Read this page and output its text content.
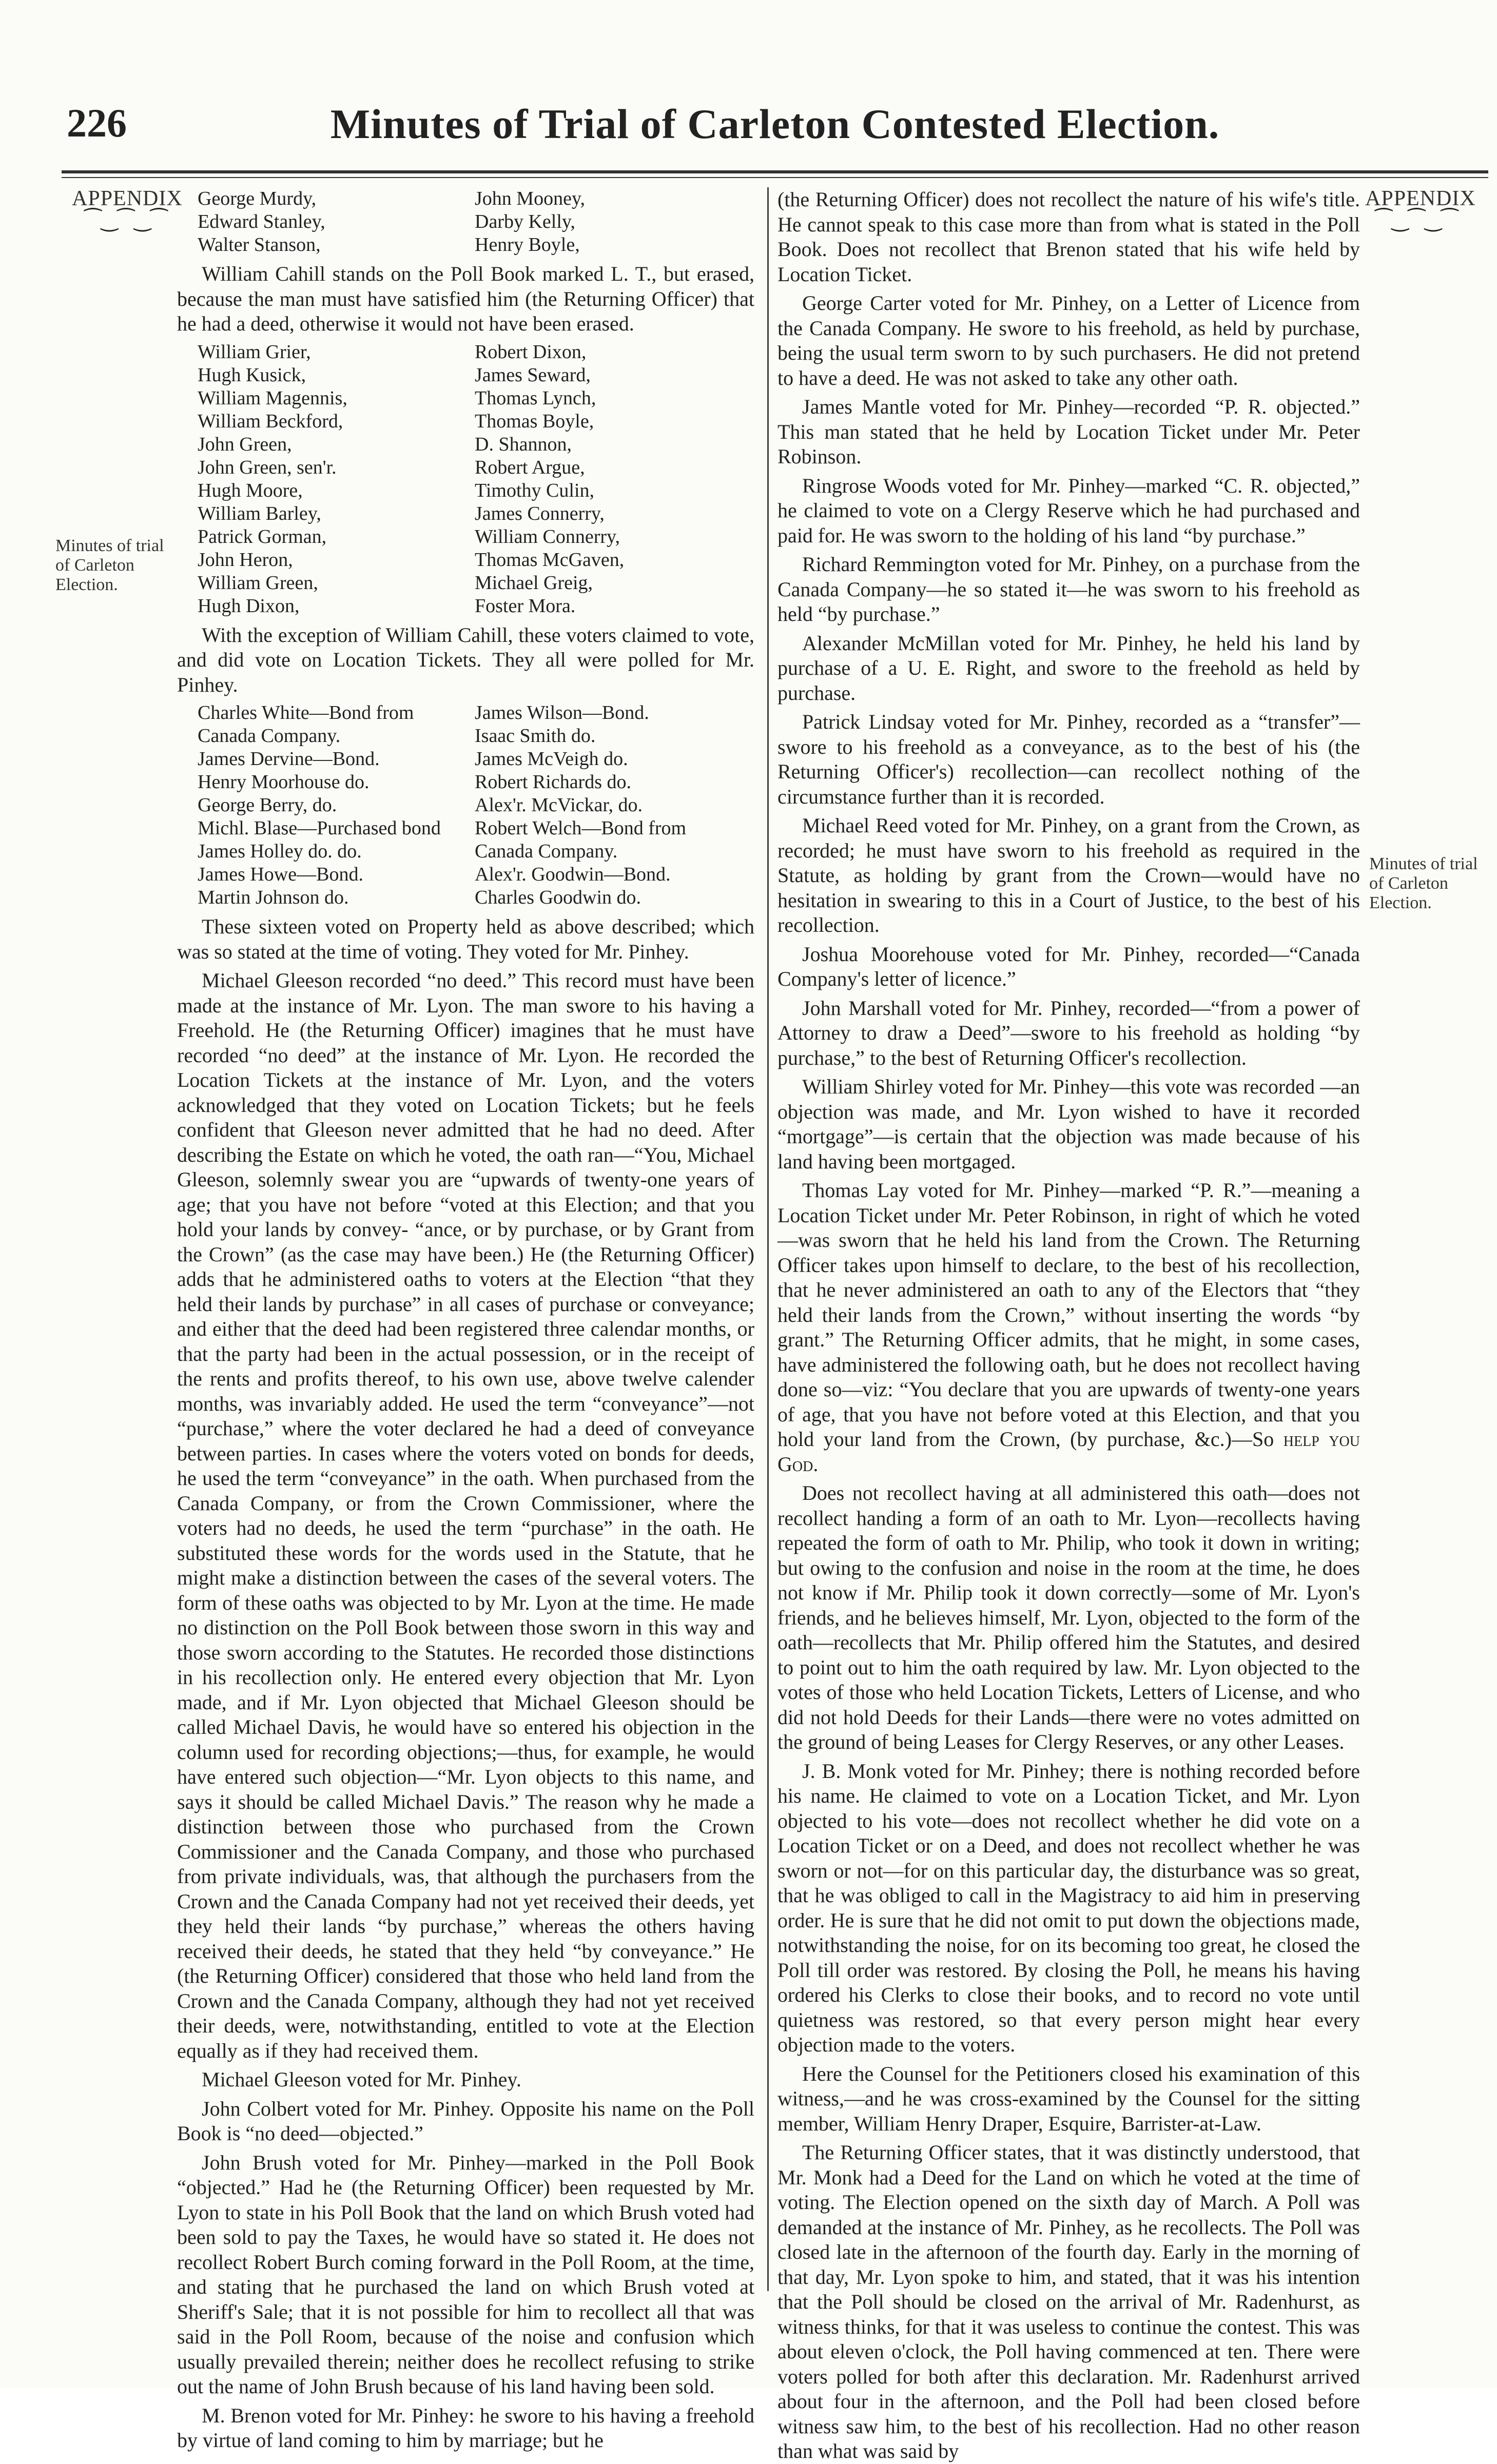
226	Minutes of Trial of Carleton Contested Election.
APPENDIX
⁀‿⁀‿⁀
Minutes of trial of Carleton Election.
APPENDIX
⁀‿⁀‿⁀
Minutes of trial of Carleton Election.
George Murdy,	John Mooney,
Edward Stanley,	Darby Kelly,
Walter Stanson,	Henry Boyle,

William Cahill stands on the Poll Book marked L. T., but erased, because the man must have satisfied him (the Returning Officer) that he had a deed, otherwise it would not have been erased.

William Grier,	Robert Dixon,
Hugh Kusick,	James Seward,
William Magennis,	Thomas Lynch,
William Beckford,	Thomas Boyle,
John Green,	D. Shannon,
John Green, sen'r.	Robert Argue,
Hugh Moore,	Timothy Culin,
William Barley,	James Connerry,
Patrick Gorman,	William Connerry,
John Heron,	Thomas McGaven,
William Green,	Michael Greig,
Hugh Dixon,	Foster Mora.

With the exception of William Cahill, these voters claimed to vote, and did vote on Location Tickets. They all were polled for Mr. Pinhey.

Charles White—Bond from	James Wilson—Bond.
Canada Company.	Isaac Smith do.
James Dervine—Bond.	James McVeigh do.
Henry Moorhouse do.	Robert Richards do.
George Berry, do.	Alex'r. McVickar, do.
Michl. Blase—Purchased bond	Robert Welch—Bond from
James Holley do. do.	Canada Company.
James Howe—Bond.	Alex'r. Goodwin—Bond.
Martin Johnson do.	Charles Goodwin do.

These sixteen voted on Property held as above described; which was so stated at the time of voting. They voted for Mr. Pinhey.

Michael Gleeson recorded “no deed.” This record must have been made at the instance of Mr. Lyon. The man swore to his having a Freehold. He (the Returning Officer) imagines that he must have recorded “no deed” at the instance of Mr. Lyon. He recorded the Location Tickets at the instance of Mr. Lyon, and the voters acknowledged that they voted on Location Tickets; but he feels confident that Gleeson never admitted that he had no deed. After describing the Estate on which he voted, the oath ran—“You, Michael Gleeson, solemnly swear you are “upwards of twenty-one years of age; that you have not before “voted at this Election; and that you hold your lands by convey- “ance, or by purchase, or by Grant from the Crown” (as the case may have been.) He (the Returning Officer) adds that he administered oaths to voters at the Election “that they held their lands by purchase” in all cases of purchase or conveyance; and either that the deed had been registered three calendar months, or that the party had been in the actual possession, or in the receipt of the rents and profits thereof, to his own use, above twelve calender months, was invariably added. He used the term “conveyance”—not “purchase,” where the voter declared he had a deed of conveyance between parties. In cases where the voters voted on bonds for deeds, he used the term “conveyance” in the oath. When purchased from the Canada Company, or from the Crown Commissioner, where the voters had no deeds, he used the term “purchase” in the oath. He substituted these words for the words used in the Statute, that he might make a distinction between the cases of the several voters. The form of these oaths was objected to by Mr. Lyon at the time. He made no distinction on the Poll Book between those sworn in this way and those sworn according to the Statutes. He recorded those distinctions in his recollection only. He entered every objection that Mr. Lyon made, and if Mr. Lyon objected that Michael Gleeson should be called Michael Davis, he would have so entered his objection in the column used for recording objections;—thus, for example, he would have entered such objection—“Mr. Lyon objects to this name, and says it should be called Michael Davis.” The reason why he made a distinction between those who purchased from the Crown Commissioner and the Canada Company, and those who purchased from private individuals, was, that although the purchasers from the Crown and the Canada Company had not yet received their deeds, yet they held their lands “by purchase,” whereas the others having received their deeds, he stated that they held “by conveyance.” He (the Returning Officer) considered that those who held land from the Crown and the Canada Company, although they had not yet received their deeds, were, notwithstanding, entitled to vote at the Election equally as if they had received them.

Michael Gleeson voted for Mr. Pinhey.

John Colbert voted for Mr. Pinhey. Opposite his name on the Poll Book is “no deed—objected.”

John Brush voted for Mr. Pinhey—marked in the Poll Book “objected.” Had he (the Returning Officer) been requested by Mr. Lyon to state in his Poll Book that the land on which Brush voted had been sold to pay the Taxes, he would have so stated it. He does not recollect Robert Burch coming forward in the Poll Room, at the time, and stating that he purchased the land on which Brush voted at Sheriff's Sale; that it is not possible for him to recollect all that was said in the Poll Room, because of the noise and confusion which usually prevailed therein; neither does he recollect refusing to strike out the name of John Brush because of his land having been sold.

M. Brenon voted for Mr. Pinhey: he swore to his having a freehold by virtue of land coming to him by marriage; but he

(the Returning Officer) does not recollect the nature of his wife's title. He cannot speak to this case more than from what is stated in the Poll Book. Does not recollect that Brenon stated that his wife held by Location Ticket.

George Carter voted for Mr. Pinhey, on a Letter of Licence from the Canada Company. He swore to his freehold, as held by purchase, being the usual term sworn to by such purchasers. He did not pretend to have a deed. He was not asked to take any other oath.

James Mantle voted for Mr. Pinhey—recorded “P. R. objected.” This man stated that he held by Location Ticket under Mr. Peter Robinson.

Ringrose Woods voted for Mr. Pinhey—marked “C. R. objected,” he claimed to vote on a Clergy Reserve which he had purchased and paid for. He was sworn to the holding of his land “by purchase.”

Richard Remmington voted for Mr. Pinhey, on a purchase from the Canada Company—he so stated it—he was sworn to his freehold as held “by purchase.”

Alexander McMillan voted for Mr. Pinhey, he held his land by purchase of a U. E. Right, and swore to the freehold as held by purchase.

Patrick Lindsay voted for Mr. Pinhey, recorded as a “transfer”—swore to his freehold as a conveyance, as to the best of his (the Returning Officer's) recollection—can recollect nothing of the circumstance further than it is recorded.

Michael Reed voted for Mr. Pinhey, on a grant from the Crown, as recorded; he must have sworn to his freehold as required in the Statute, as holding by grant from the Crown—would have no hesitation in swearing to this in a Court of Justice, to the best of his recollection.

Joshua Moorehouse voted for Mr. Pinhey, recorded—“Canada Company's letter of licence.”

John Marshall voted for Mr. Pinhey, recorded—“from a power of Attorney to draw a Deed”—swore to his freehold as holding “by purchase,” to the best of Returning Officer's recollection.

William Shirley voted for Mr. Pinhey—this vote was recorded —an objection was made, and Mr. Lyon wished to have it recorded “mortgage”—is certain that the objection was made because of his land having been mortgaged.

Thomas Lay voted for Mr. Pinhey—marked “P. R.”—meaning a Location Ticket under Mr. Peter Robinson, in right of which he voted—was sworn that he held his land from the Crown. The Returning Officer takes upon himself to declare, to the best of his recollection, that he never administered an oath to any of the Electors that “they held their lands from the Crown,” without inserting the words “by grant.” The Returning Officer admits, that he might, in some cases, have administered the following oath, but he does not recollect having done so—viz: “You declare that you are upwards of twenty-one years of age, that you have not before voted at this Election, and that you hold your land from the Crown, (by purchase, &c.)—So help you God.

Does not recollect having at all administered this oath—does not recollect handing a form of an oath to Mr. Lyon—recollects having repeated the form of oath to Mr. Philip, who took it down in writing; but owing to the confusion and noise in the room at the time, he does not know if Mr. Philip took it down correctly—some of Mr. Lyon's friends, and he believes himself, Mr. Lyon, objected to the form of the oath—recollects that Mr. Philip offered him the Statutes, and desired to point out to him the oath required by law. Mr. Lyon objected to the votes of those who held Location Tickets, Letters of License, and who did not hold Deeds for their Lands—there were no votes admitted on the ground of being Leases for Clergy Reserves, or any other Leases.

J. B. Monk voted for Mr. Pinhey; there is nothing recorded before his name. He claimed to vote on a Location Ticket, and Mr. Lyon objected to his vote—does not recollect whether he did vote on a Location Ticket or on a Deed, and does not recollect whether he was sworn or not—for on this particular day, the disturbance was so great, that he was obliged to call in the Magistracy to aid him in preserving order. He is sure that he did not omit to put down the objections made, notwithstanding the noise, for on its becoming too great, he closed the Poll till order was restored. By closing the Poll, he means his having ordered his Clerks to close their books, and to record no vote until quietness was restored, so that every person might hear every objection made to the voters.

Here the Counsel for the Petitioners closed his examination of this witness,—and he was cross-examined by the Counsel for the sitting member, William Henry Draper, Esquire, Barrister-at-Law.

The Returning Officer states, that it was distinctly understood, that Mr. Monk had a Deed for the Land on which he voted at the time of voting. The Election opened on the sixth day of March. A Poll was demanded at the instance of Mr. Pinhey, as he recollects. The Poll was closed late in the afternoon of the fourth day. Early in the morning of that day, Mr. Lyon spoke to him, and stated, that it was his intention that the Poll should be closed on the arrival of Mr. Radenhurst, as witness thinks, for that it was useless to continue the contest. This was about eleven o'clock, the Poll having commenced at ten. There were voters polled for both after this declaration. Mr. Radenhurst arrived about four in the afternoon, and the Poll had been closed before witness saw him, to the best of his recollection. Had no other reason than what was said by
